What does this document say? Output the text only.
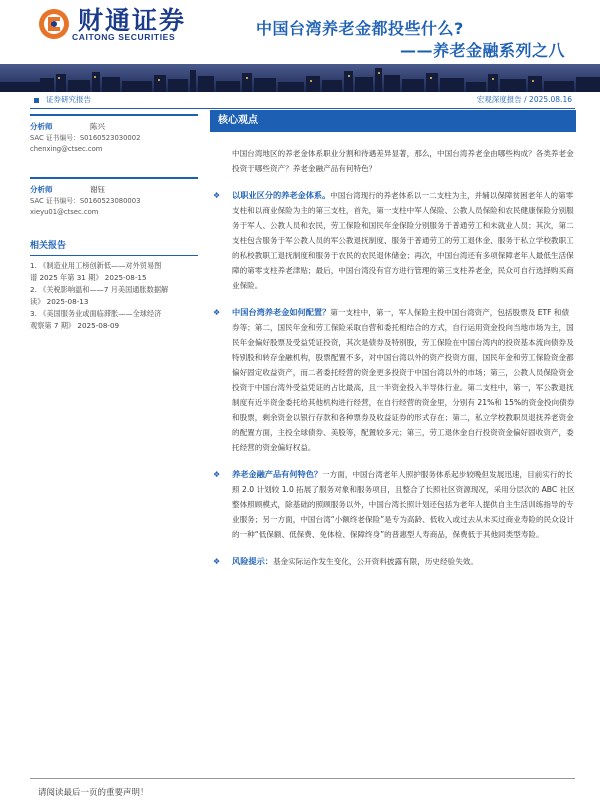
财通证券
CAITONG SECURITIES	中国台湾养老金都投些什么?
——养老金融系列之八
证券研究报告	宏观深度报告 / 2025.08.16
分析师	陈兴
SAC 证书编号：S0160523030002
chenxing@ctsec.com
分析师	谢钰
SAC 证书编号：S0160523080003
xieyu01@ctsec.com
相关报告
1. 《制造业用工榜创新低——对外贸易图
谱 2025 年第 31 期》 2025-08-15
2. 《关税影响温和——7 月美国通胀数据解
读》 2025-08-13
3. 《美国服务业或面临滞胀——全球经济
观察第 7 期》 2025-08-09
核心观点
中国台湾地区的养老金体系职业分割和待遇差异显著，那么，中国台湾养老金由哪些构成？各类养老金投资于哪些资产？养老金融产品有何特色？
❖ 以职业区分的养老金体系。中国台湾现行的养老体系以一二支柱为主，并辅以保障贫困老年人的第零支柱和以商业保险为主的第三支柱，首先，第一支柱中军人保险、公教人员保险和农民健康保险分别服务于军人、公教人员和农民，劳工保险和国民年金保险分别服务于普通劳工和未就业人员；其次，第二支柱包含服务于军公教人员的军公教退抚制度、服务于普通劳工的劳工退休金、服务于私立学校教职工的私校教职工退抚制度和服务于农民的农民退休储金；再次，中国台湾还有多项保障老年人最低生活保障的第零支柱养老津贴；最后，中国台湾没有官方进行管理的第三支柱养老金，民众可自行选择购买商业保险。
❖ 中国台湾养老金如何配置？第一支柱中，第一，军人保险主投中国台湾资产，包括股票及 ETF 和债券等；第二，国民年金和劳工保险采取自营和委托相结合的方式，自行运用资金投向当地市场为主，国民年金偏好股票及受益凭证投资，其次是债券及特别股，劳工保险在中国台湾内的投资基本流向债券及特别股和转存金融机构，股票配置不多，对中国台湾以外的资产投资方面，国民年金和劳工保险资金都偏好固定收益资产，而二者委托经营的资金更多投资于中国台湾以外的市场；第三，公教人员保险资金投资于中国台湾外受益凭证的占比最高，且一半资金投入半导体行业。第二支柱中，第一，军公教退抚制度有近半资金委托给其他机构进行经营，在自行经营的资金里，分别有 21%和 15%的资金投向债券和股票，剩余资金以银行存款和各种票券及收益证券的形式存在；第二，私立学校教职员退抚养老资金的配置方面，主投全球债券、美股等，配置较多元；第三，劳工退休金自行投资资金偏好固收资产，委托经营的资金偏好权益。
❖ 养老金融产品有何特色？一方面，中国台湾老年人照护服务体系起步较晚但发展迅速，目前实行的长照 2.0 计划较 1.0 拓展了服务对象和服务项目，且整合了长照社区资源现况，采用分层次的 ABC 社区整体照顾模式，除基础的照顾服务以外，中国台湾长照计划还包括为老年人提供自主生活训练指导的专业服务；另一方面，中国台湾“小额终老保险”是专为高龄、低收入或过去从未买过商业寿险的民众设计的一种“低保额、低保费、免体检、保障终身”的普惠型人寿商品，保费低于其他同类型寿险。
❖ 风险提示：基金实际运作发生变化，公开资料披露有限，历史经验失效。
请阅读最后一页的重要声明！
